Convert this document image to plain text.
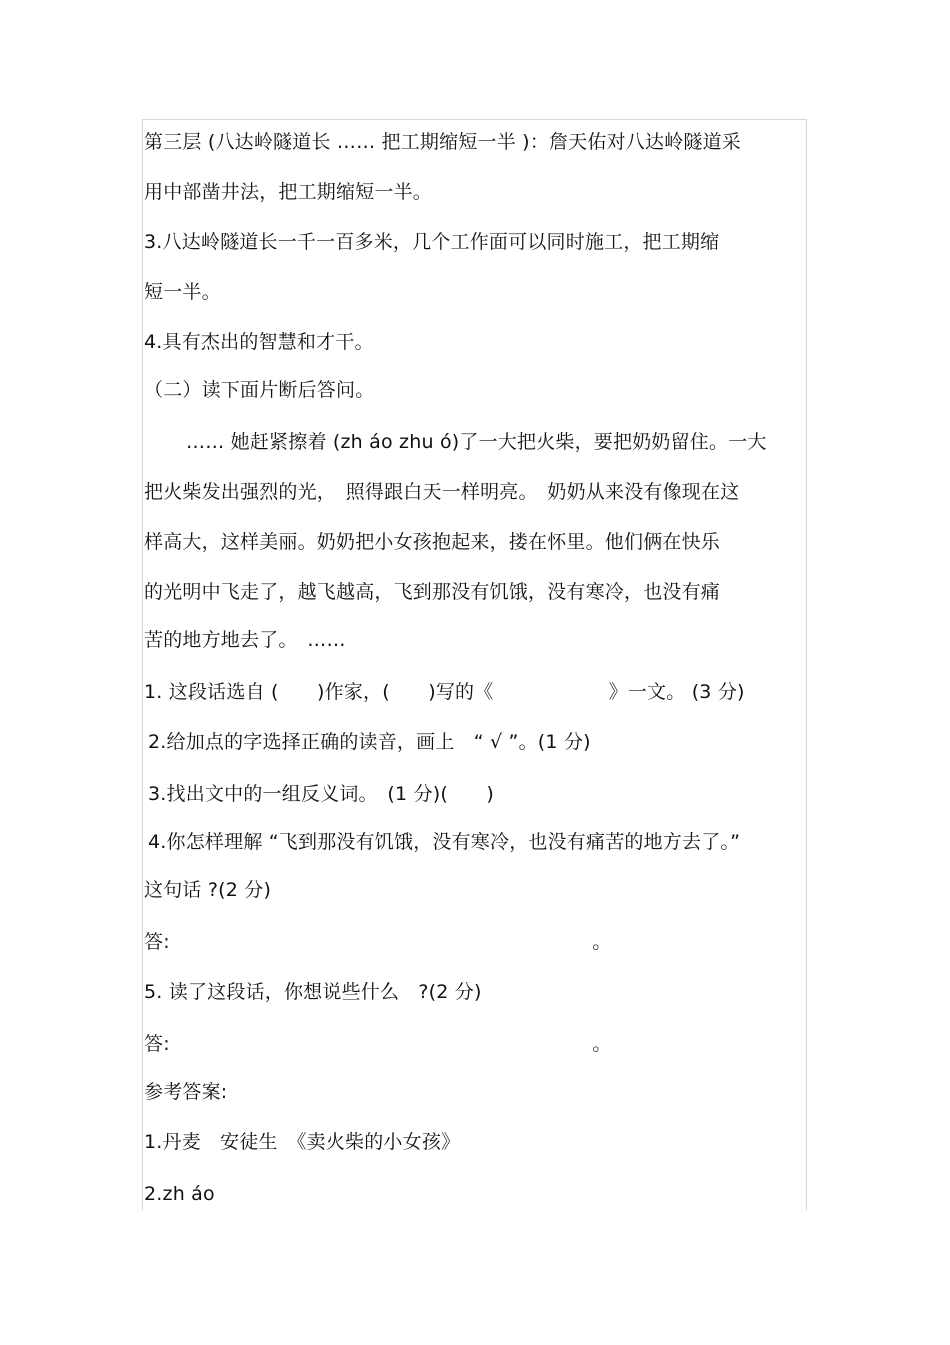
第三层 (八达岭隧道长 …… 把工期缩短一半 )：詹天佑对八达岭隧道采
用中部凿井法，把工期缩短一半。
3.八达岭隧道长一千一百多米，几个工作面可以同时施工，把工期缩
短一半。
4.具有杰出的智慧和才干。
（二）读下面片断后答问。
…… 她赶紧擦着 (zh áo zhu ó)了一大把火柴，要把奶奶留住。一大
把火柴发出强烈的光，　照得跟白天一样明亮。　奶奶从来没有像现在这
样高大，这样美丽。奶奶把小女孩抱起来，搂在怀里。他们俩在快乐
的光明中飞走了，越飞越高，飞到那没有饥饿，没有寒冷，也没有痛
苦的地方地去了。　……
1. 这段话选自 (　　)作家，(　　)写的《　　　　　　》一文。 (3 分)
2.给加点的字选择正确的读音，画上　“ √ ”。(1 分)
3.找出文中的一组反义词。　(1 分)(　　)
4.你怎样理解 “飞到那没有饥饿，没有寒冷，也没有痛苦的地方去了。”
这句话 ?(2 分)
答:　　　　　　　　　　　　　　　　　　　　　　。
5. 读了这段话，你想说些什么　?(2 分)
答:　　　　　　　　　　　　　　　　　　　　　　。
参考答案:
1.丹麦　安徒生　《卖火柴的小女孩》
2.zh áo
